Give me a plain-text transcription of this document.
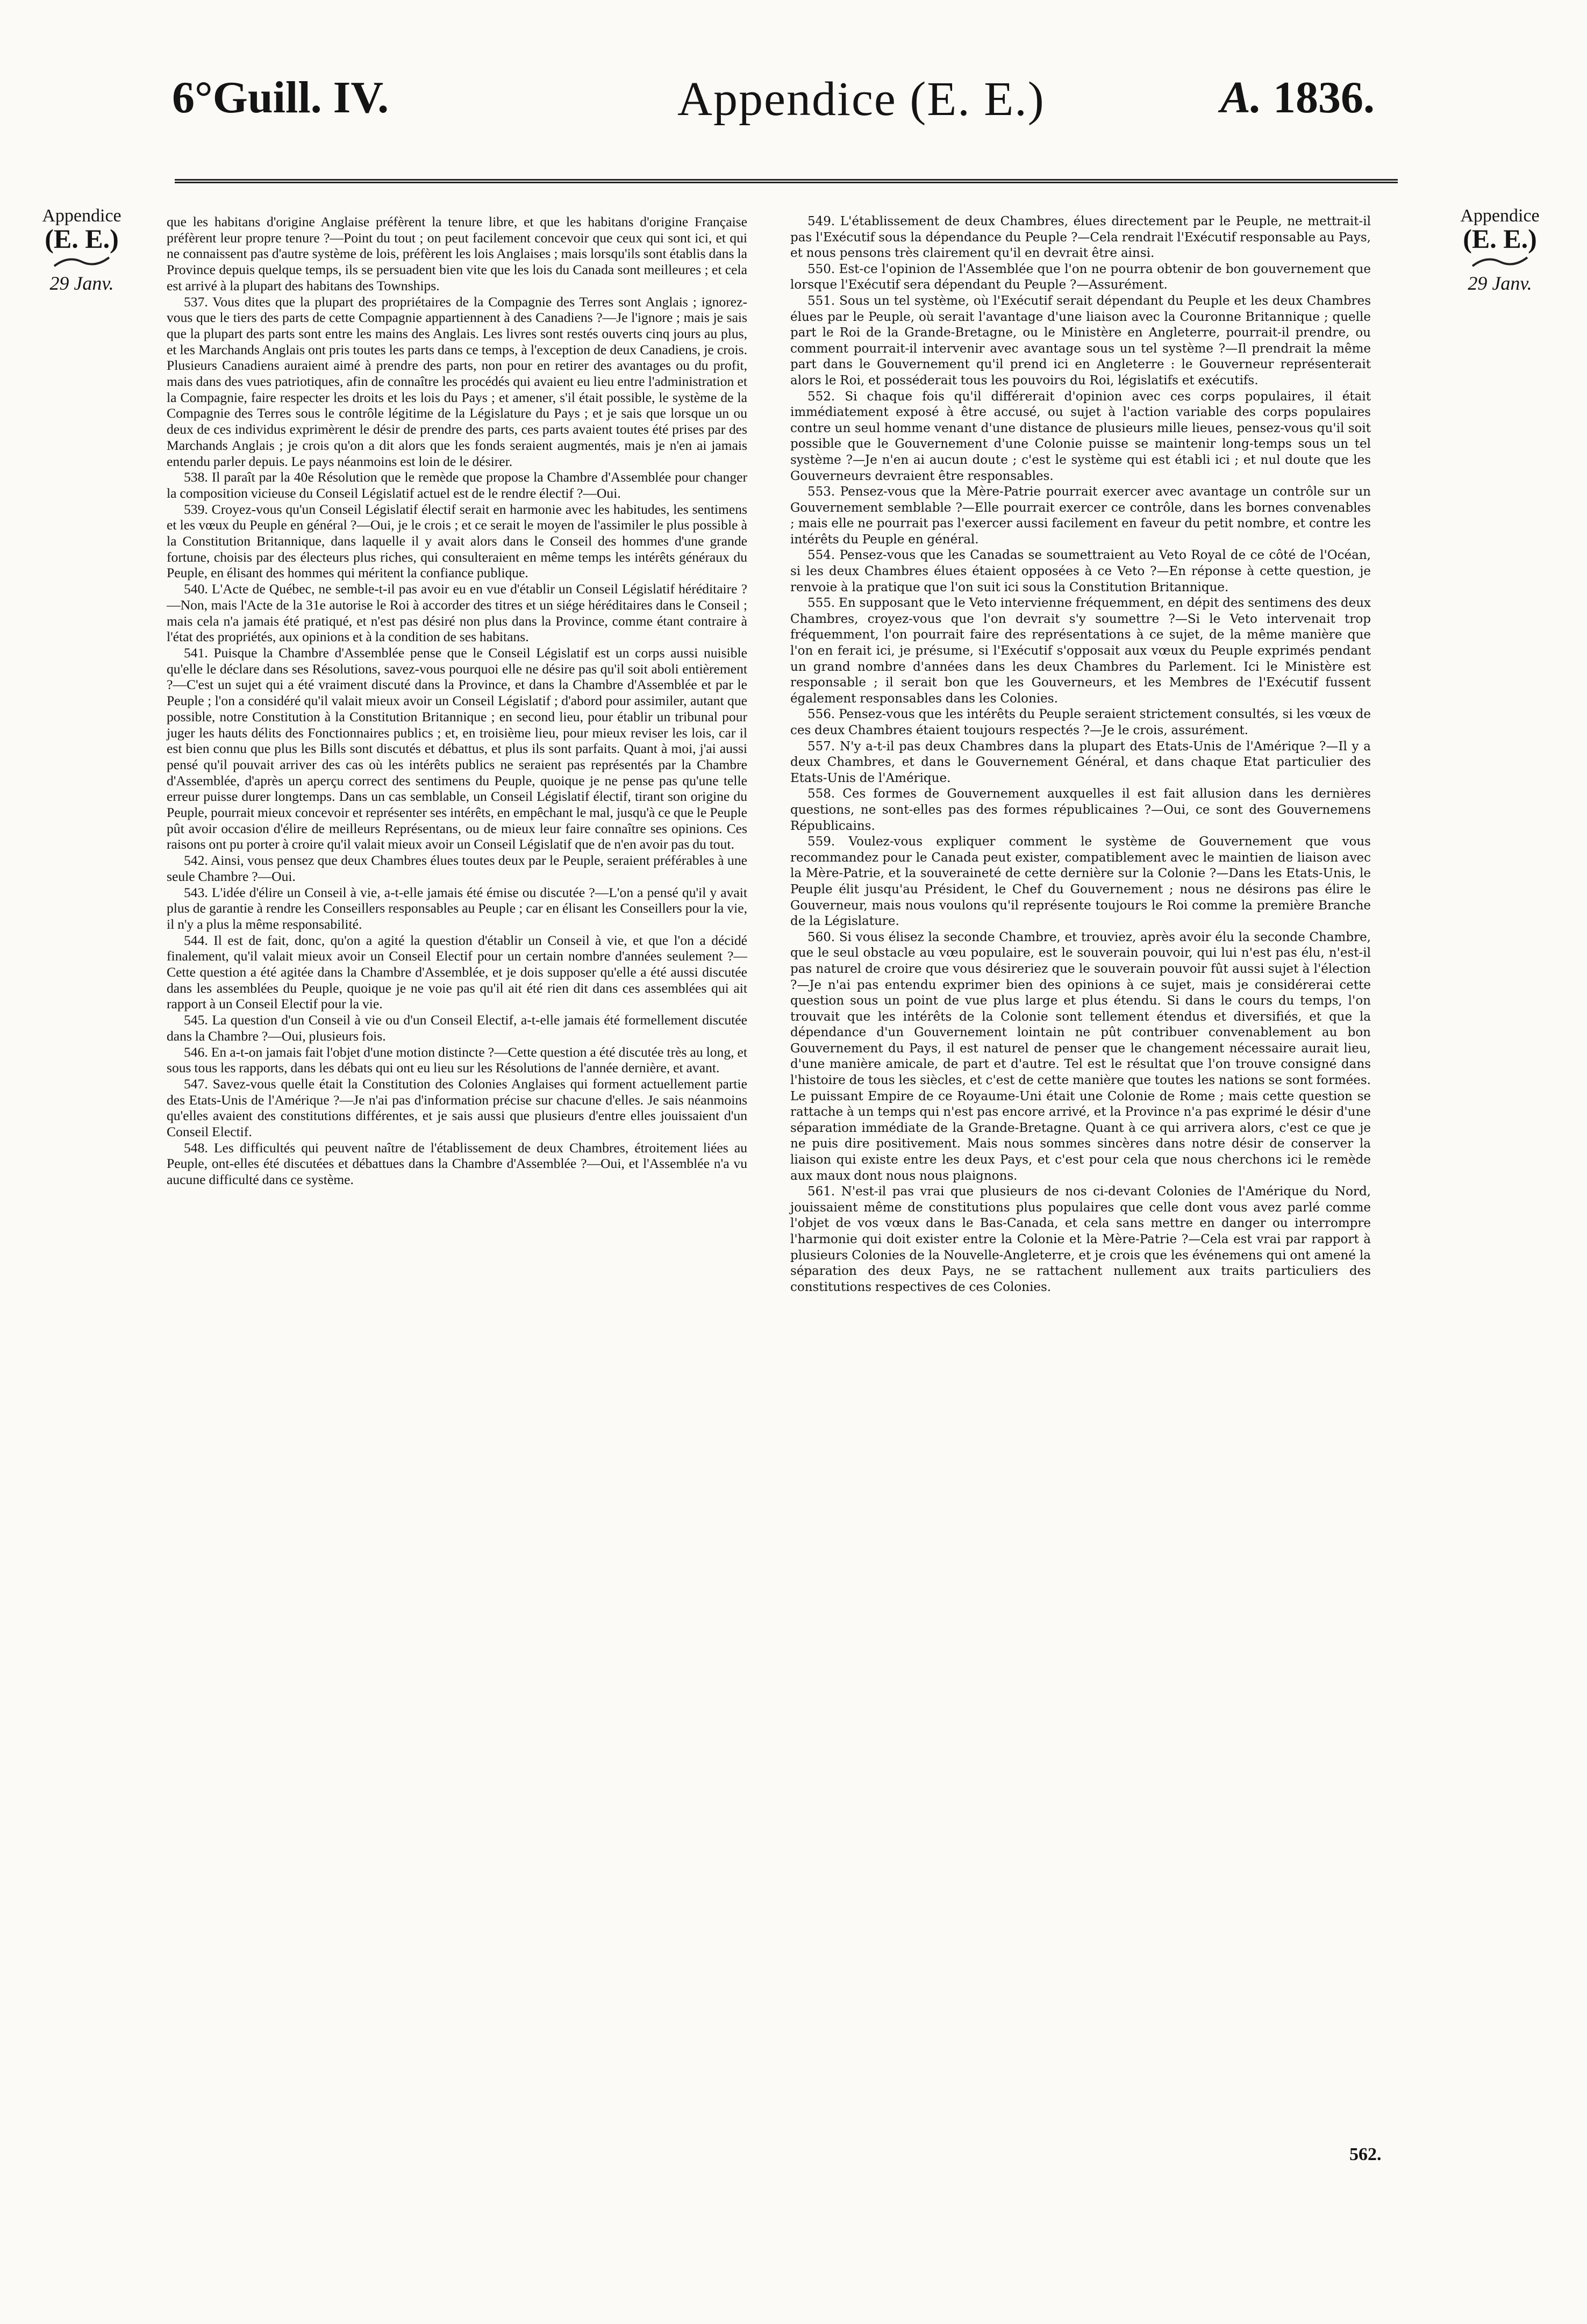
6°Guill. IV.	Appendice (E. E.)	A. 1836.
Appendice
(E. E.)
29 Janv.
Appendice
(E. E.)
29 Janv.

que les habitans d'origine Anglaise préfèrent la tenure libre, et que les habitans d'origine Française préfèrent leur propre tenure ?—Point du tout ; on peut facilement concevoir que ceux qui sont ici, et qui ne connaissent pas d'autre système de lois, préfèrent les lois Anglaises ; mais lorsqu'ils sont établis dans la Province depuis quelque temps, ils se persuadent bien vite que les lois du Canada sont meilleures ; et cela est arrivé à la plupart des habitans des Townships.

537. Vous dites que la plupart des propriétaires de la Compagnie des Terres sont Anglais ; ignorez-vous que le tiers des parts de cette Compagnie appartiennent à des Canadiens ?—Je l'ignore ; mais je sais que la plupart des parts sont entre les mains des Anglais. Les livres sont restés ouverts cinq jours au plus, et les Marchands Anglais ont pris toutes les parts dans ce temps, à l'exception de deux Canadiens, je crois. Plusieurs Canadiens auraient aimé à prendre des parts, non pour en retirer des avantages ou du profit, mais dans des vues patriotiques, afin de connaître les procédés qui avaient eu lieu entre l'administration et la Compagnie, faire respecter les droits et les lois du Pays ; et amener, s'il était possible, le système de la Compagnie des Terres sous le contrôle légitime de la Législature du Pays ; et je sais que lorsque un ou deux de ces individus exprimèrent le désir de prendre des parts, ces parts avaient toutes été prises par des Marchands Anglais ; je crois qu'on a dit alors que les fonds seraient augmentés, mais je n'en ai jamais entendu parler depuis. Le pays néanmoins est loin de le désirer.

538. Il paraît par la 40e Résolution que le remède que propose la Chambre d'Assemblée pour changer la composition vicieuse du Conseil Législatif actuel est de le rendre électif ?—Oui.

539. Croyez-vous qu'un Conseil Législatif électif serait en harmonie avec les habitudes, les sentimens et les vœux du Peuple en général ?—Oui, je le crois ; et ce serait le moyen de l'assimiler le plus possible à la Constitution Britannique, dans laquelle il y avait alors dans le Conseil des hommes d'une grande fortune, choisis par des électeurs plus riches, qui consulteraient en même temps les intérêts généraux du Peuple, en élisant des hommes qui méritent la confiance publique.

540. L'Acte de Québec, ne semble-t-il pas avoir eu en vue d'établir un Conseil Législatif héréditaire ?—Non, mais l'Acte de la 31e autorise le Roi à accorder des titres et un siége héréditaires dans le Conseil ; mais cela n'a jamais été pratiqué, et n'est pas désiré non plus dans la Province, comme étant contraire à l'état des propriétés, aux opinions et à la condition de ses habitans.

541. Puisque la Chambre d'Assemblée pense que le Conseil Législatif est un corps aussi nuisible qu'elle le déclare dans ses Résolutions, savez-vous pourquoi elle ne désire pas qu'il soit aboli entièrement ?—C'est un sujet qui a été vraiment discuté dans la Province, et dans la Chambre d'Assemblée et par le Peuple ; l'on a considéré qu'il valait mieux avoir un Conseil Législatif ; d'abord pour assimiler, autant que possible, notre Constitution à la Constitution Britannique ; en second lieu, pour établir un tribunal pour juger les hauts délits des Fonctionnaires publics ; et, en troisième lieu, pour mieux reviser les lois, car il est bien connu que plus les Bills sont discutés et débattus, et plus ils sont parfaits. Quant à moi, j'ai aussi pensé qu'il pouvait arriver des cas où les intérêts publics ne seraient pas représentés par la Chambre d'Assemblée, d'après un aperçu correct des sentimens du Peuple, quoique je ne pense pas qu'une telle erreur puisse durer longtemps. Dans un cas semblable, un Conseil Législatif électif, tirant son origine du Peuple, pourrait mieux concevoir et représenter ses intérêts, en empêchant le mal, jusqu'à ce que le Peuple pût avoir occasion d'élire de meilleurs Représentans, ou de mieux leur faire connaître ses opinions. Ces raisons ont pu porter à croire qu'il valait mieux avoir un Conseil Législatif que de n'en avoir pas du tout.

542. Ainsi, vous pensez que deux Chambres élues toutes deux par le Peuple, seraient préférables à une seule Chambre ?—Oui.

543. L'idée d'élire un Conseil à vie, a-t-elle jamais été émise ou discutée ?—L'on a pensé qu'il y avait plus de garantie à rendre les Conseillers responsables au Peuple ; car en élisant les Conseillers pour la vie, il n'y a plus la même responsabilité.

544. Il est de fait, donc, qu'on a agité la question d'établir un Conseil à vie, et que l'on a décidé finalement, qu'il valait mieux avoir un Conseil Electif pour un certain nombre d'années seulement ?—Cette question a été agitée dans la Chambre d'Assemblée, et je dois supposer qu'elle a été aussi discutée dans les assemblées du Peuple, quoique je ne voie pas qu'il ait été rien dit dans ces assemblées qui ait rapport à un Conseil Electif pour la vie.

545. La question d'un Conseil à vie ou d'un Conseil Electif, a-t-elle jamais été formellement discutée dans la Chambre ?—Oui, plusieurs fois.

546. En a-t-on jamais fait l'objet d'une motion distincte ?—Cette question a été discutée très au long, et sous tous les rapports, dans les débats qui ont eu lieu sur les Résolutions de l'année dernière, et avant.

547. Savez-vous quelle était la Constitution des Colonies Anglaises qui forment actuellement partie des Etats-Unis de l'Amérique ?—Je n'ai pas d'information précise sur chacune d'elles. Je sais néanmoins qu'elles avaient des constitutions différentes, et je sais aussi que plusieurs d'entre elles jouissaient d'un Conseil Electif.

548. Les difficultés qui peuvent naître de l'établissement de deux Chambres, étroitement liées au Peuple, ont-elles été discutées et débattues dans la Chambre d'Assemblée ?—Oui, et l'Assemblée n'a vu aucune difficulté dans ce système.

549. L'établissement de deux Chambres, élues directement par le Peuple, ne mettrait-il pas l'Exécutif sous la dépendance du Peuple ?—Cela rendrait l'Exécutif responsable au Pays, et nous pensons très clairement qu'il en devrait être ainsi.

550. Est-ce l'opinion de l'Assemblée que l'on ne pourra obtenir de bon gouvernement que lorsque l'Exécutif sera dépendant du Peuple ?—Assurément.

551. Sous un tel système, où l'Exécutif serait dépendant du Peuple et les deux Chambres élues par le Peuple, où serait l'avantage d'une liaison avec la Couronne Britannique ; quelle part le Roi de la Grande-Bretagne, ou le Ministère en Angleterre, pourrait-il prendre, ou comment pourrait-il intervenir avec avantage sous un tel système ?—Il prendrait la même part dans le Gouvernement qu'il prend ici en Angleterre : le Gouverneur représenterait alors le Roi, et posséderait tous les pouvoirs du Roi, législatifs et exécutifs.

552. Si chaque fois qu'il différerait d'opinion avec ces corps populaires, il était immédiatement exposé à être accusé, ou sujet à l'action variable des corps populaires contre un seul homme venant d'une distance de plusieurs mille lieues, pensez-vous qu'il soit possible que le Gouvernement d'une Colonie puisse se maintenir long-temps sous un tel système ?—Je n'en ai aucun doute ; c'est le système qui est établi ici ; et nul doute que les Gouverneurs devraient être responsables.

553. Pensez-vous que la Mère-Patrie pourrait exercer avec avantage un contrôle sur un Gouvernement semblable ?—Elle pourrait exercer ce contrôle, dans les bornes convenables ; mais elle ne pourrait pas l'exercer aussi facilement en faveur du petit nombre, et contre les intérêts du Peuple en général.

554. Pensez-vous que les Canadas se soumettraient au Veto Royal de ce côté de l'Océan, si les deux Chambres élues étaient opposées à ce Veto ?—En réponse à cette question, je renvoie à la pratique que l'on suit ici sous la Constitution Britannique.

555. En supposant que le Veto intervienne fréquemment, en dépit des sentimens des deux Chambres, croyez-vous que l'on devrait s'y soumettre ?—Si le Veto intervenait trop fréquemment, l'on pourrait faire des représentations à ce sujet, de la même manière que l'on en ferait ici, je présume, si l'Exécutif s'opposait aux vœux du Peuple exprimés pendant un grand nombre d'années dans les deux Chambres du Parlement. Ici le Ministère est responsable ; il serait bon que les Gouverneurs, et les Membres de l'Exécutif fussent également responsables dans les Colonies.

556. Pensez-vous que les intérêts du Peuple seraient strictement consultés, si les vœux de ces deux Chambres étaient toujours respectés ?—Je le crois, assurément.

557. N'y a-t-il pas deux Chambres dans la plupart des Etats-Unis de l'Amérique ?—Il y a deux Chambres, et dans le Gouvernement Général, et dans chaque Etat particulier des Etats-Unis de l'Amérique.

558. Ces formes de Gouvernement auxquelles il est fait allusion dans les dernières questions, ne sont-elles pas des formes républicaines ?—Oui, ce sont des Gouvernemens Républicains.

559. Voulez-vous expliquer comment le système de Gouvernement que vous recommandez pour le Canada peut exister, compatiblement avec le maintien de liaison avec la Mère-Patrie, et la souveraineté de cette dernière sur la Colonie ?—Dans les Etats-Unis, le Peuple élit jusqu'au Président, le Chef du Gouvernement ; nous ne désirons pas élire le Gouverneur, mais nous voulons qu'il représente toujours le Roi comme la première Branche de la Législature.

560. Si vous élisez la seconde Chambre, et trouviez, après avoir élu la seconde Chambre, que le seul obstacle au vœu populaire, est le souverain pouvoir, qui lui n'est pas élu, n'est-il pas naturel de croire que vous désireriez que le souverain pouvoir fût aussi sujet à l'élection ?—Je n'ai pas entendu exprimer bien des opinions à ce sujet, mais je considérerai cette question sous un point de vue plus large et plus étendu. Si dans le cours du temps, l'on trouvait que les intérêts de la Colonie sont tellement étendus et diversifiés, et que la dépendance d'un Gouvernement lointain ne pût contribuer convenablement au bon Gouvernement du Pays, il est naturel de penser que le changement nécessaire aurait lieu, d'une manière amicale, de part et d'autre. Tel est le résultat que l'on trouve consigné dans l'histoire de tous les siècles, et c'est de cette manière que toutes les nations se sont formées. Le puissant Empire de ce Royaume-Uni était une Colonie de Rome ; mais cette question se rattache à un temps qui n'est pas encore arrivé, et la Province n'a pas exprimé le désir d'une séparation immédiate de la Grande-Bretagne. Quant à ce qui arrivera alors, c'est ce que je ne puis dire positivement. Mais nous sommes sincères dans notre désir de conserver la liaison qui existe entre les deux Pays, et c'est pour cela que nous cherchons ici le remède aux maux dont nous nous plaignons.

561. N'est-il pas vrai que plusieurs de nos ci-devant Colonies de l'Amérique du Nord, jouissaient même de constitutions plus populaires que celle dont vous avez parlé comme l'objet de vos vœux dans le Bas-Canada, et cela sans mettre en danger ou interrompre l'harmonie qui doit exister entre la Colonie et la Mère-Patrie ?—Cela est vrai par rapport à plusieurs Colonies de la Nouvelle-Angleterre, et je crois que les événemens qui ont amené la séparation des deux Pays, ne se rattachent nullement aux traits particuliers des constitutions respectives de ces Colonies.

562.
